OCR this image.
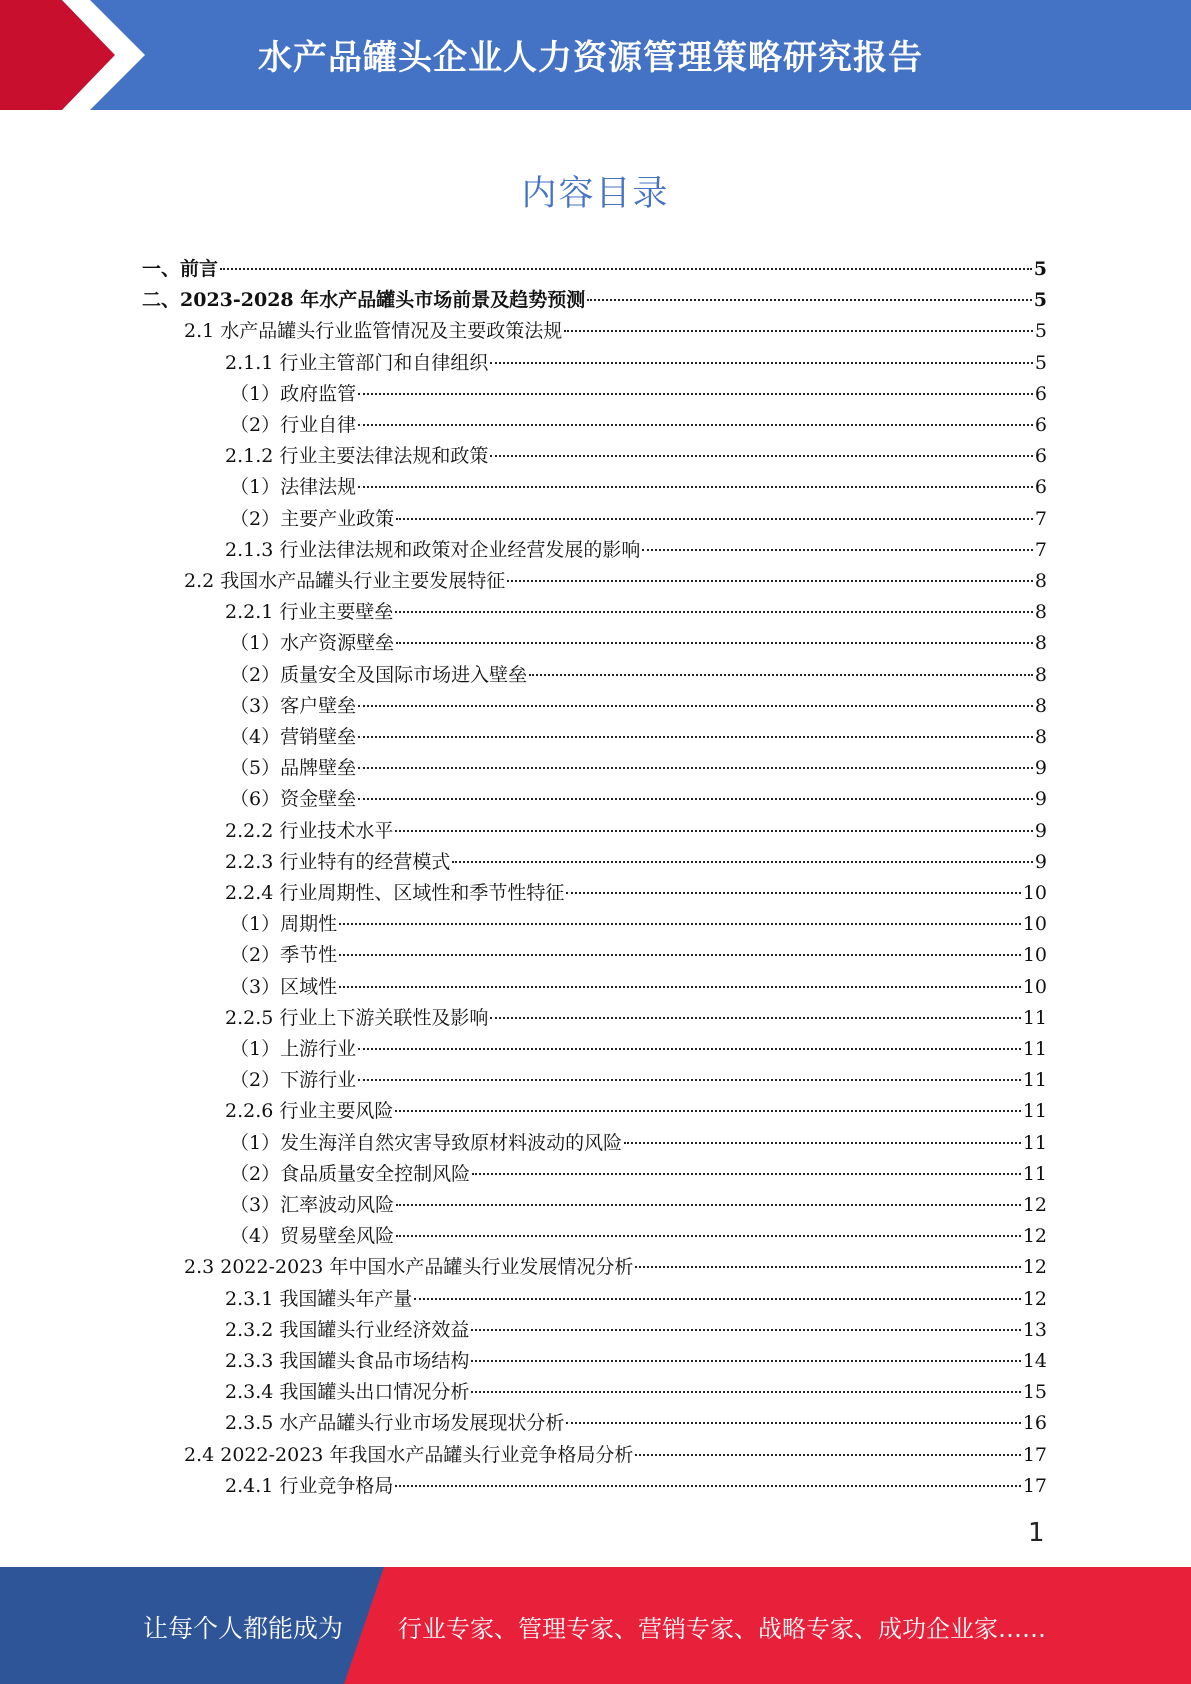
水产品罐头企业人力资源管理策略研究报告
内容目录
一、前言	5
二、2023-2028 年水产品罐头市场前景及趋势预测	5
2.1 水产品罐头行业监管情况及主要政策法规	5
2.1.1 行业主管部门和自律组织	5
（1）政府监管	6
（2）行业自律	6
2.1.2 行业主要法律法规和政策	6
（1）法律法规	6
（2）主要产业政策	7
2.1.3 行业法律法规和政策对企业经营发展的影响	7
2.2 我国水产品罐头行业主要发展特征	8
2.2.1 行业主要壁垒	8
（1）水产资源壁垒	8
（2）质量安全及国际市场进入壁垒	8
（3）客户壁垒	8
（4）营销壁垒	8
（5）品牌壁垒	9
（6）资金壁垒	9
2.2.2 行业技术水平	9
2.2.3 行业特有的经营模式	9
2.2.4 行业周期性、区域性和季节性特征	10
（1）周期性	10
（2）季节性	10
（3）区域性	10
2.2.5 行业上下游关联性及影响	11
（1）上游行业	11
（2）下游行业	11
2.2.6 行业主要风险	11
（1）发生海洋自然灾害导致原材料波动的风险	11
（2）食品质量安全控制风险	11
（3）汇率波动风险	12
（4）贸易壁垒风险	12
2.3 2022-2023 年中国水产品罐头行业发展情况分析	12
2.3.1 我国罐头年产量	12
2.3.2 我国罐头行业经济效益	13
2.3.3 我国罐头食品市场结构	14
2.3.4 我国罐头出口情况分析	15
2.3.5 水产品罐头行业市场发展现状分析	16
2.4 2022-2023 年我国水产品罐头行业竞争格局分析	17
2.4.1 行业竞争格局	17
1
让每个人都能成为 行业专家、管理专家、营销专家、战略专家、成功企业家……
